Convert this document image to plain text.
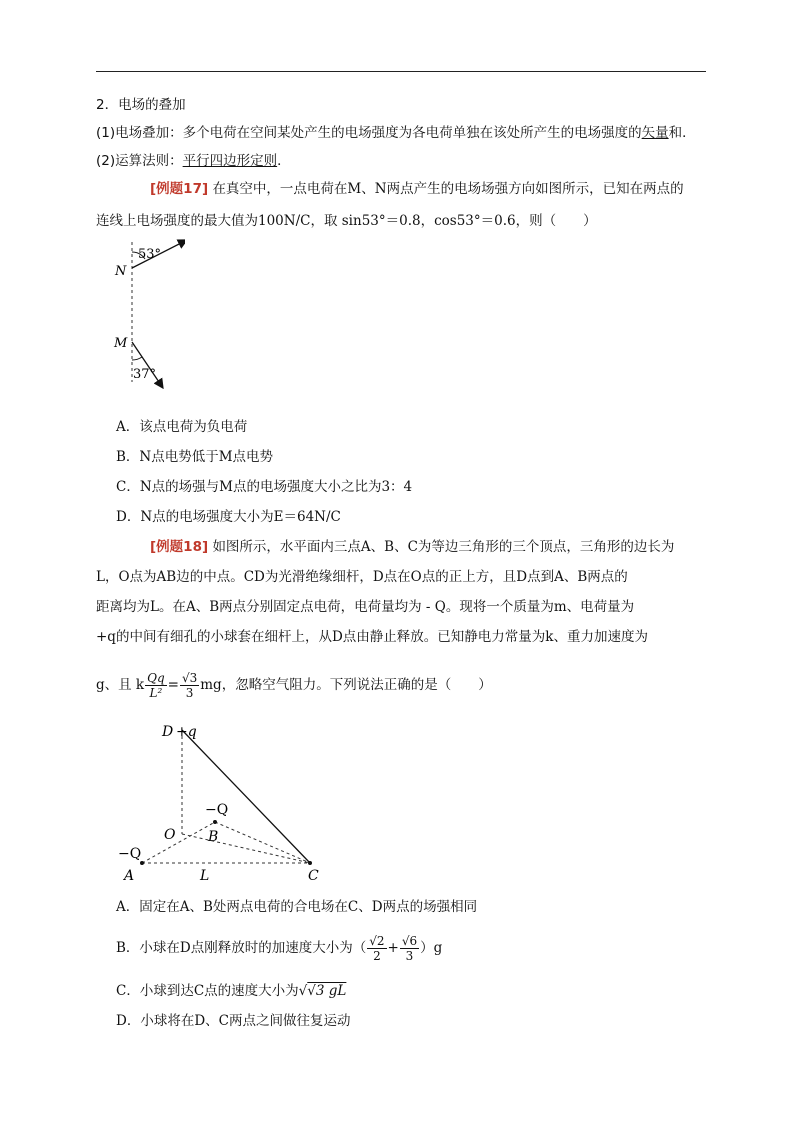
2．电场的叠加
(1)电场叠加：多个电荷在空间某处产生的电场强度为各电荷单独在该处所产生的电场强度的矢量和．
(2)运算法则：平行四边形定则．
[例题17] 在真空中，一点电荷在M、N两点产生的电场场强方向如图所示，已知在两点的
连线上电场强度的最大值为100N/C，取 sin53°＝0.8，cos53°＝0.6，则（　　）
53°
N
37°
M
A．该点电荷为负电荷
B．N点电势低于M点电势
C．N点的场强与M点的电场强度大小之比为3：4
D．N点的电场强度大小为E＝64N/C
[例题18] 如图所示，水平面内三点A、B、C为等边三角形的三个顶点，三角形的边长为
L，O点为AB边的中点。CD为光滑绝缘细杆，D点在O点的正上方，且D点到A、B两点的
距离均为L。在A、B两点分别固定点电荷，电荷量均为 - Q。现将一个质量为m、电荷量为
+q的中间有细孔的小球套在细杆上，从D点由静止释放。已知静电力常量为k、重力加速度为
g、且 k $\frac{Qq}{\text{L²}} = \frac{√3}{3}$ mg，忽略空气阻力。下列说法正确的是（　　）
D +q
O B
−Q
−Q
A	L	C
A．固定在A、B处两点电荷的合电场在C、D两点的场强相同
B．小球在D点刚释放时的加速度大小为（ $\frac{√2}{2} + \frac{√6}{3} )g$
C．小球到达C点的速度大小为√√3 gL
D．小球将在D、C两点之间做往复运动
